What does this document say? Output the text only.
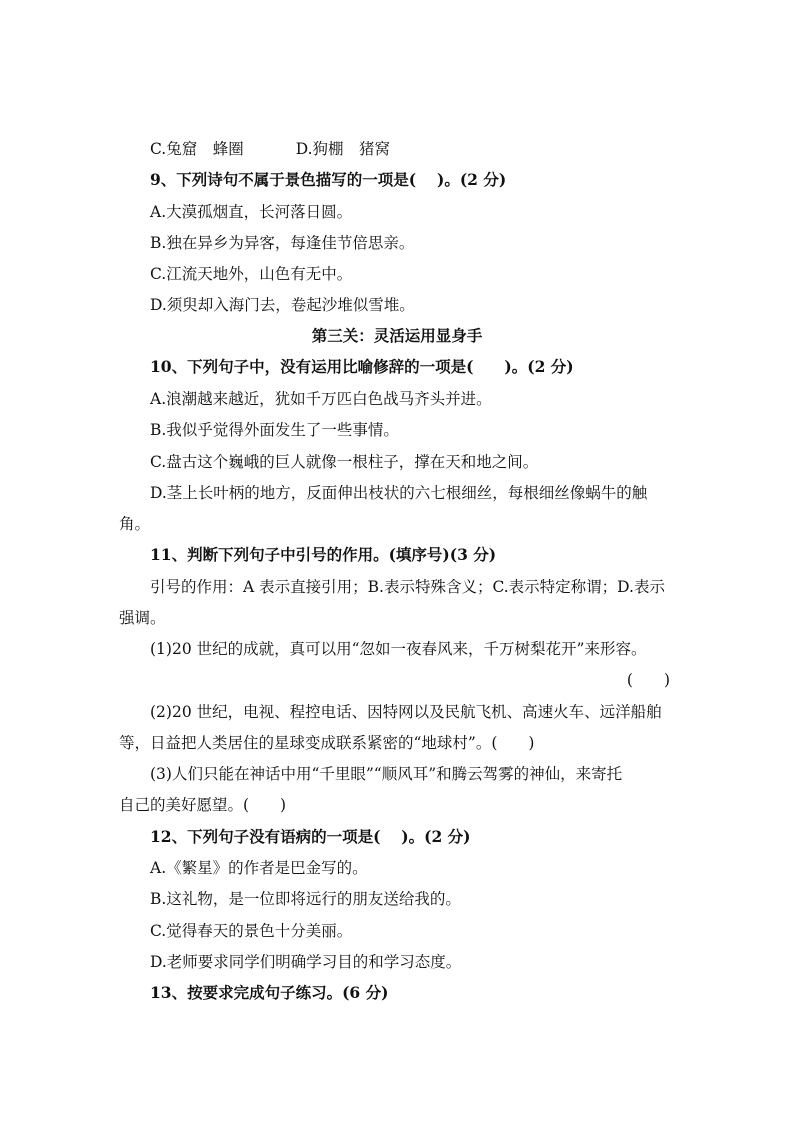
C.兔窟　蜂圈	D.狗棚　猪窝
9、下列诗句不属于景色描写的一项是(　 )。(2 分)
A.大漠孤烟直，长河落日圆。
B.独在异乡为异客，每逢佳节倍思亲。
C.江流天地外，山色有无中。
D.须臾却入海门去，卷起沙堆似雪堆。
第三关：灵活运用显身手
10、下列句子中，没有运用比喻修辞的一项是(　　)。(2 分)
A.浪潮越来越近，犹如千万匹白色战马齐头并进。
B.我似乎觉得外面发生了一些事情。
C.盘古这个巍峨的巨人就像一根柱子，撑在天和地之间。
D.茎上长叶柄的地方，反面伸出枝状的六七根细丝，每根细丝像蜗牛的触
角。
11、判断下列句子中引号的作用。(填序号)(3 分)
引号的作用：A 表示直接引用；B.表示特殊含义；C.表示特定称谓；D.表示
强调。
(1)20 世纪的成就，真可以用“忽如一夜春风来，千万树梨花开”来形容。
(　　)
(2)20 世纪，电视、程控电话、因特网以及民航飞机、高速火车、远洋船舶
等，日益把人类居住的星球变成联系紧密的“地球村”。(　　)
(3)人们只能在神话中用“千里眼”“顺风耳”和腾云驾雾的神仙，来寄托
自己的美好愿望。(　　)
12、下列句子没有语病的一项是(　 )。(2 分)
A.《繁星》的作者是巴金写的。
B.这礼物，是一位即将远行的朋友送给我的。
C.觉得春天的景色十分美丽。
D.老师要求同学们明确学习目的和学习态度。
13、按要求完成句子练习。(6 分)
